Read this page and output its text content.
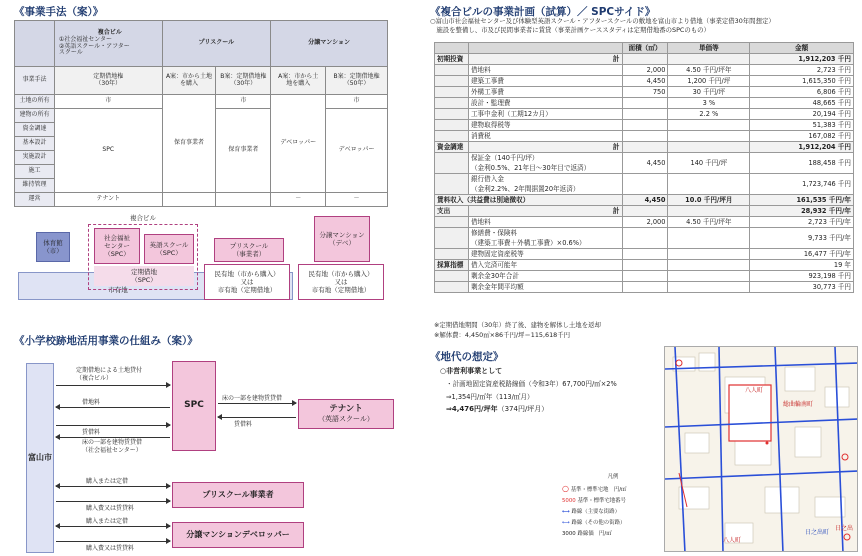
《事業手法（案）》

	複合ビル
①社会福祉センター
②英語スクール・アフター
スクール	プリスクール		分譲マンション	
事業手法	定期借地権
（30年）	A案：市から土地を購入	B案：定期借地権
（30年）	A案：市から土
地を購入	B案：定期借地権
（50年）
土地の所有	市	保育事業者	市	デベロッパー	市
建物の所有	SPC		保育事業者		デベロッパー
資金調達					
基本設計					
実施設計					
施工					
維持管理					
運営	テナント			－	－
複合ビル
市有地
体育館
（市）
社会福祉
センター
（SPC）
英語スクール
（SPC）
定期借地
（SPC）
プリスクール
（事業者）
民有地（市から購入）
又は
市有地（定期借地）
分譲マンション
（デベ）
民有地（市から購入）
又は
市有地（定期借地）
《複合ビルの事業計画（試算）／ SPCサイド》
○富山市社会福祉センター及び体験型英語スクール・アフタースクールの敷地を富山市より借地（事業定借30年間想定）
　施設を整備し、市及び民間事業者に賃貸（事業計画ケーススタディは定期借地番のSPCのもの）
		面積（㎡）	単価等	金額
初期投資	計			1,912,203 千円
	借地料	2,000	4.50 千円/坪年	2,723 千円
	建築工事費	4,450	1,200 千円/坪	1,615,350 千円
	外構工事費	750	30 千円/坪	6,806 千円
	設計・監理費		3 %	48,665 千円
	工事中金利（工期12カ月）		2.2 %	20,194 千円
	建物取得税等			51,383 千円
	消費税			167,082 千円
資金調達	計			1,912,204 千円
	保証金（140千円/坪）
（金利0.5%、21年目～30年目で返済）	4,450	140 千円/坪	188,458 千円
	銀行借入金
（金利2.2%、2年間据置20年返済）			1,723,746 千円
賃料収入（共益費は別途徴収）		4,450	10.0 千円/坪月	161,535 千円/年
支出	計			28,932 千円/年
	借地料	2,000	4.50 千円/坪年	2,723 千円/年
	修繕費・保険料
（建築工事費＋外構工事費）×0.6%）			9,733 千円/年
	建物固定資産税等			16,477 千円/年
採算指標	借入完済可能年			19 年
	剰余金30年合計			923,198 千円
	剰余金年間平均額			30,773 千円
※定期借地期間（30年）終了後、建物を解体し土地を返却
※解体費：4,450㎡×86千円/坪＝115,618千円
《小学校跡地活用事業の仕組み（案）》
富山市
SPC	テナント
（英語スクール）
プリスクール事業者
分譲マンションデベロッパー
定期借地による土地貸付
（複合ビル）
借地料
賃借料
床の一部を建物賃貸借
（社会福祉センター）
床の一部を建物賃貸借
賃借料
購入または定借
購入費又は賃貸料
購入または定借
購入費又は賃貸料
《地代の想定》
○非営利事業として
・計画地固定資産税路線価（令和3年）67,700円/㎡×2%
⇒1,354円/㎡年（113/㎡月）
⇒4,476円/坪年（374円/坪月）
八人町
総曲輪南町
日之出町
日之出
八人町
凡例
○ 基準・標準宅地　円/㎡
5000 基準・標準宅地番号
⟷ 路線（主要な街路）
⟷ 路線（その他の街路）
3000 路線価　円/㎡
